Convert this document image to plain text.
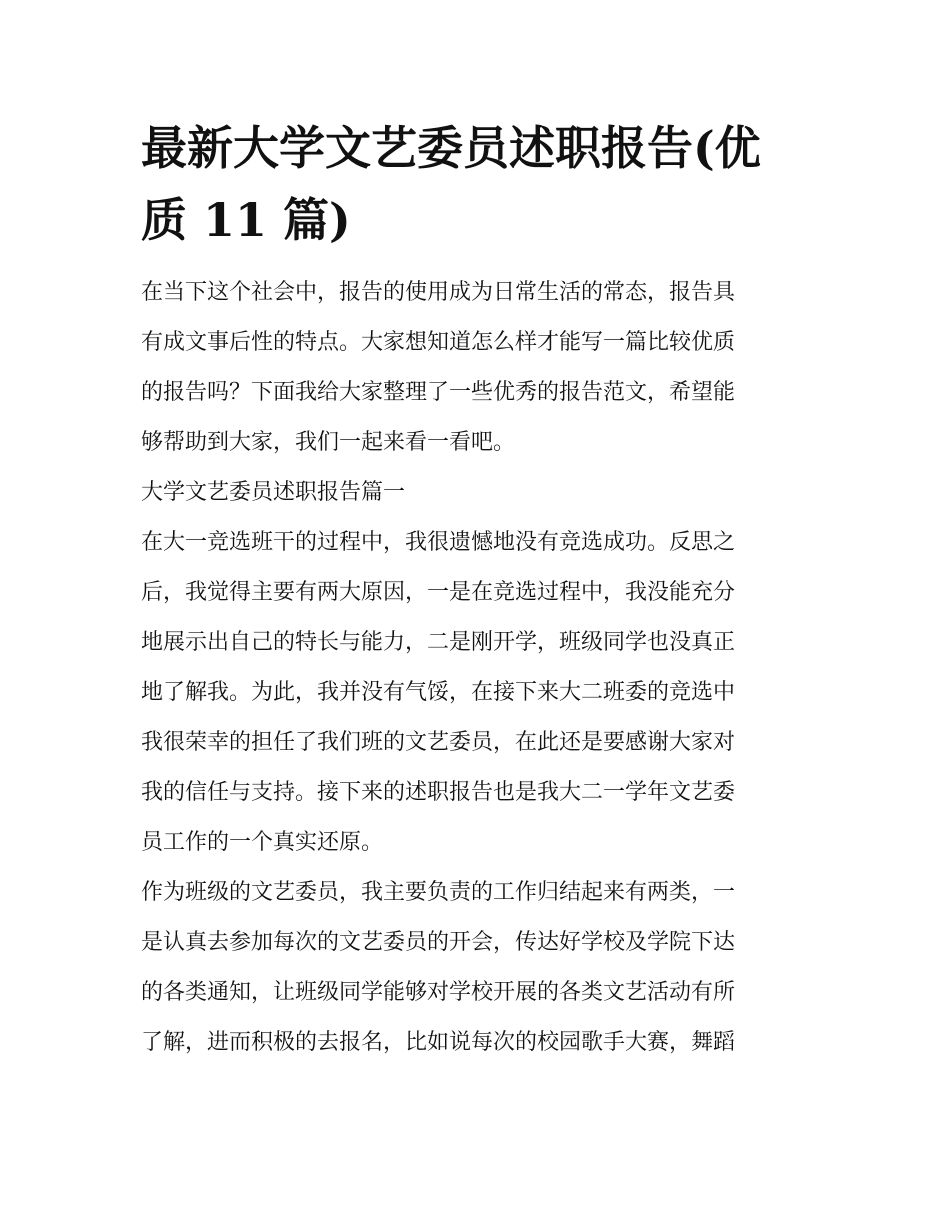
最新大学文艺委员述职报告(优
质 11 篇)
在当下这个社会中，报告的使用成为日常生活的常态，报告具
有成文事后性的特点。大家想知道怎么样才能写一篇比较优质
的报告吗？下面我给大家整理了一些优秀的报告范文，希望能
够帮助到大家，我们一起来看一看吧。
大学文艺委员述职报告篇一
在大一竞选班干的过程中，我很遗憾地没有竞选成功。反思之
后，我觉得主要有两大原因，一是在竞选过程中，我没能充分
地展示出自己的特长与能力，二是刚开学，班级同学也没真正
地了解我。为此，我并没有气馁，在接下来大二班委的竞选中
我很荣幸的担任了我们班的文艺委员，在此还是要感谢大家对
我的信任与支持。接下来的述职报告也是我大二一学年文艺委
员工作的一个真实还原。
作为班级的文艺委员，我主要负责的工作归结起来有两类，一
是认真去参加每次的文艺委员的开会，传达好学校及学院下达
的各类通知，让班级同学能够对学校开展的各类文艺活动有所
了解，进而积极的去报名，比如说每次的校园歌手大赛，舞蹈
